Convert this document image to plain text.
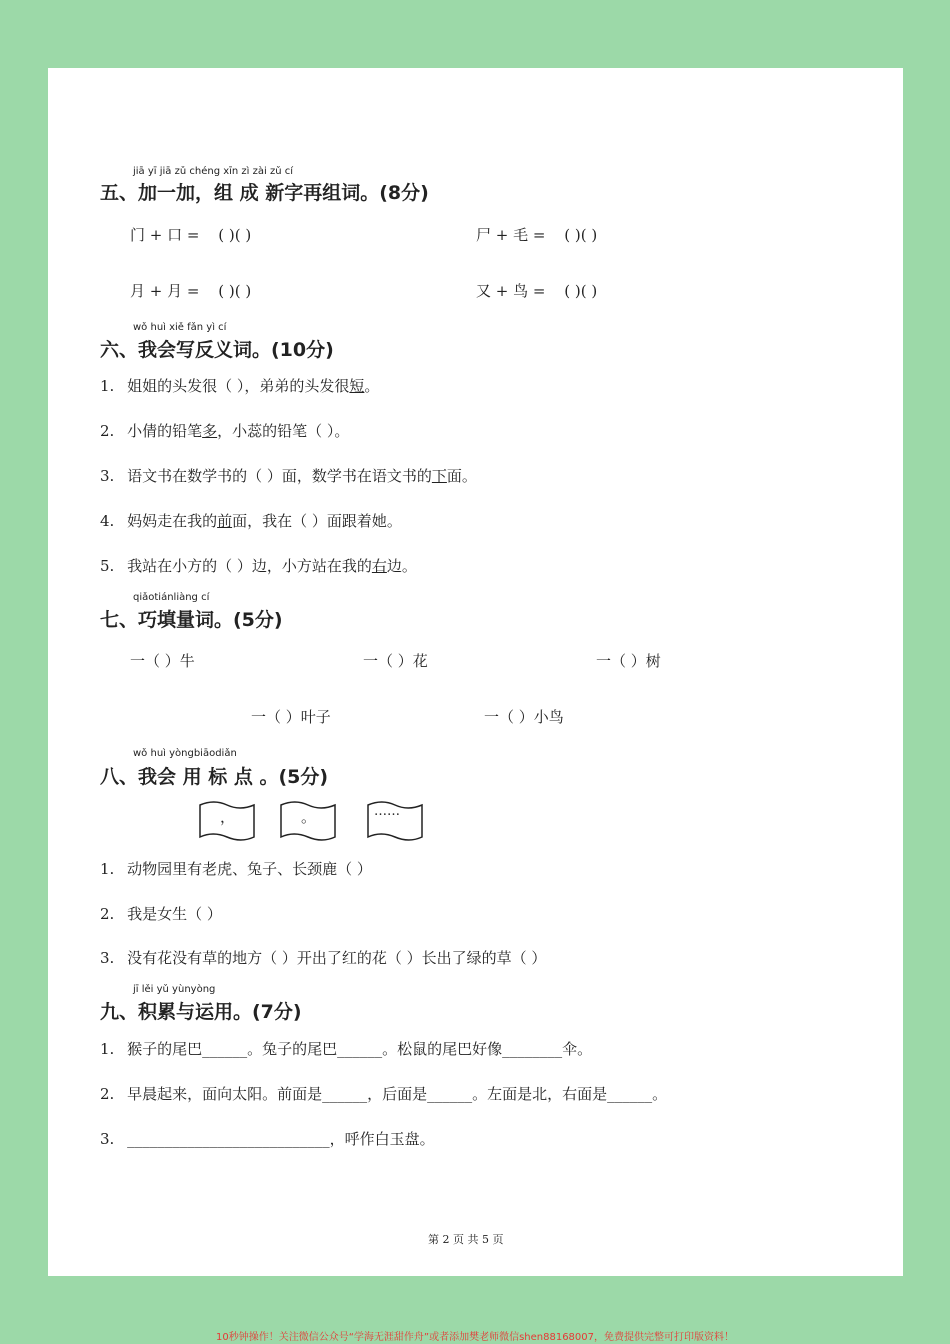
jiā yī jiā zǔ chéng xīn zì zài zǔ cí
五、加一加，组 成 新字再组词。(8分)
门 + 口 = ( )( )	尸 + 毛 = ( )( )
月 + 月 = ( )( )	又 + 鸟 = ( )( )
wǒ huì xiě fǎn yì cí
六、我会写反义词。(10分)
1. 姐姐的头发很（ ），弟弟的头发很短。
2. 小倩的铅笔多，小蕊的铅笔（ ）。
3. 语文书在数学书的（ ）面，数学书在语文书的下面。
4. 妈妈走在我的前面，我在（ ）面跟着她。
5. 我站在小方的（ ）边，小方站在我的右边。
qiǎotiánliàng cí
七、巧填量词。(5分)
一（ ）牛	一（ ）花	一（ ）树
一（ ）叶子	一（ ）小鸟
wǒ huì yòngbiāodiǎn
八、我会 用 标 点 。(5分)
，	。	……
1. 动物园里有老虎、兔子、长颈鹿（ ）
2. 我是女生（ ）
3. 没有花没有草的地方（ ）开出了红的花（ ）长出了绿的草（ ）
jī lěi yǔ yùnyòng
九、积累与运用。(7分)
1. 猴子的尾巴______。兔子的尾巴______。松鼠的尾巴好像________伞。
2. 早晨起来，面向太阳。前面是______，后面是______。左面是北，右面是______。
3. ___________________________，呼作白玉盘。
第 2 页 共 5 页
10秒钟操作！关注微信公众号“学海无涯甜作舟”或者添加樊老师微信shen88168007，免费提供完整可打印版资料！
